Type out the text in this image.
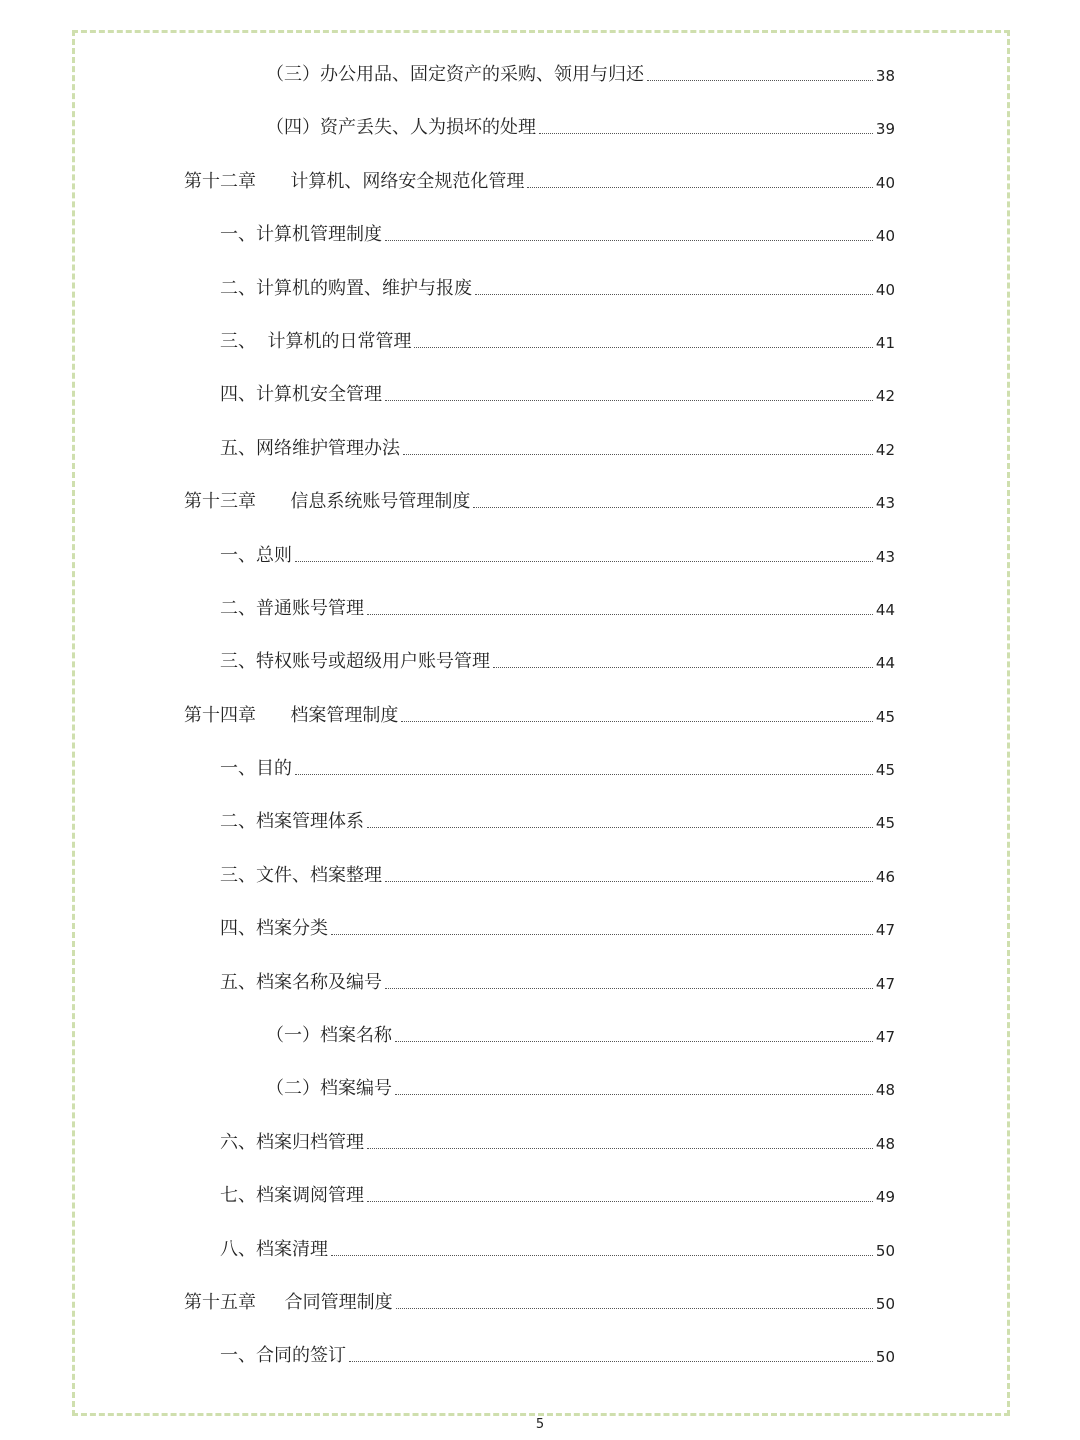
（三）办公用品、固定资产的采购、领用与归还	38
（四）资产丢失、人为损坏的处理	39
第十二章      计算机、网络安全规范化管理	40
一、计算机管理制度	40
二、计算机的购置、维护与报废	40
三、  计算机的日常管理	41
四、计算机安全管理	42
五、网络维护管理办法	42
第十三章      信息系统账号管理制度	43
一、总则	43
二、普通账号管理	44
三、特权账号或超级用户账号管理	44
第十四章      档案管理制度	45
一、目的	45
二、档案管理体系	45
三、文件、档案整理	46
四、档案分类	47
五、档案名称及编号	47
（一）档案名称	47
（二）档案编号	48
六、档案归档管理	48
七、档案调阅管理	49
八、档案清理	50
第十五章     合同管理制度	50
一、合同的签订	50
5
